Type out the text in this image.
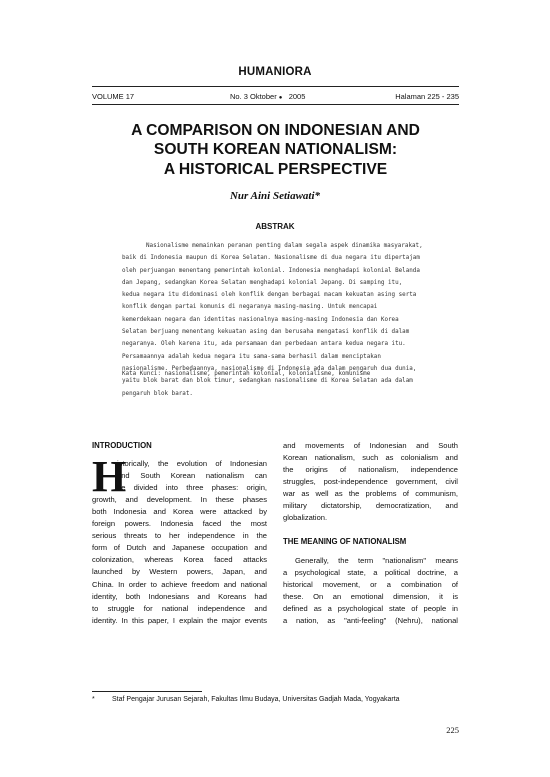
HUMANIORA
VOLUME 17	No. 3 Oktober ● 2005	Halaman 225 - 235
A COMPARISON ON INDONESIAN AND
SOUTH KOREAN NATIONALISM:
A HISTORICAL PERSPECTIVE
Nur Aini Setiawati*
ABSTRAK
Nasionalisme memainkan peranan penting dalam segala aspek dinamika masyarakat,
baik di Indonesia maupun di Korea Selatan. Nasionalisme di dua negara itu dipertajam
oleh perjuangan menentang pemerintah kolonial. Indonesia menghadapi kolonial Belanda
dan Jepang, sedangkan Korea Selatan menghadapi kolonial Jepang. Di samping itu,
kedua negara itu didominasi oleh konflik dengan berbagai macam kekuatan asing serta
konflik dengan partai komunis di negaranya masing-masing. Untuk mencapai
kemerdekaan negara dan identitas nasionalnya masing-masing Indonesia dan Korea
Selatan berjuang menentang kekuatan asing dan berusaha mengatasi konflik di dalam
negaranya. Oleh karena itu, ada persamaan dan perbedaan antara kedua negara itu.
Persamaannya adalah kedua negara itu sama-sama berhasil dalam menciptakan
nasionalisme. Perbedaannya, nasionalisme di Indonesia ada dalam pengaruh dua dunia,
yaitu blok barat dan blok timur, sedangkan nasionalisme di Korea Selatan ada dalam
pengaruh blok barat.
Kata Kunci: nasionalisme, pemerintah kolonial, kolonialisme, komunisme
INTRODUCTION
H
istorically, the evolution of Indonesian
and South Korean nationalism can
be divided into three phases: origin,
growth, and development. In these phases
both Indonesia and Korea were attacked by
foreign powers. Indonesia faced the most
serious threats to her independence in the
form of Dutch and Japanese occupation and
colonization, whereas Korea faced attacks
launched by Western powers, Japan, and
China. In order to achieve freedom and national
identity, both Indonesians and Koreans had
to struggle for national independence and
identity. In this paper, I explain the major events
and movements of Indonesian and South
Korean nationalism, such as colonialism and
the origins of nationalism, independence
struggles, post-independence government, civil
war as well as the problems of communism,
military dictatorship, democratization, and
globalization.
THE MEANING OF NATIONALISM
Generally, the term "nationalism" means
a psychological state, a political doctrine, a
historical movement, or a combination of
these. On an emotional dimension, it is
defined as a psychological state of people in
a nation, as "anti-feeling" (Nehru), national
* Staf Pengajar Jurusan Sejarah, Fakultas Ilmu Budaya, Universitas Gadjah Mada, Yogyakarta
225
